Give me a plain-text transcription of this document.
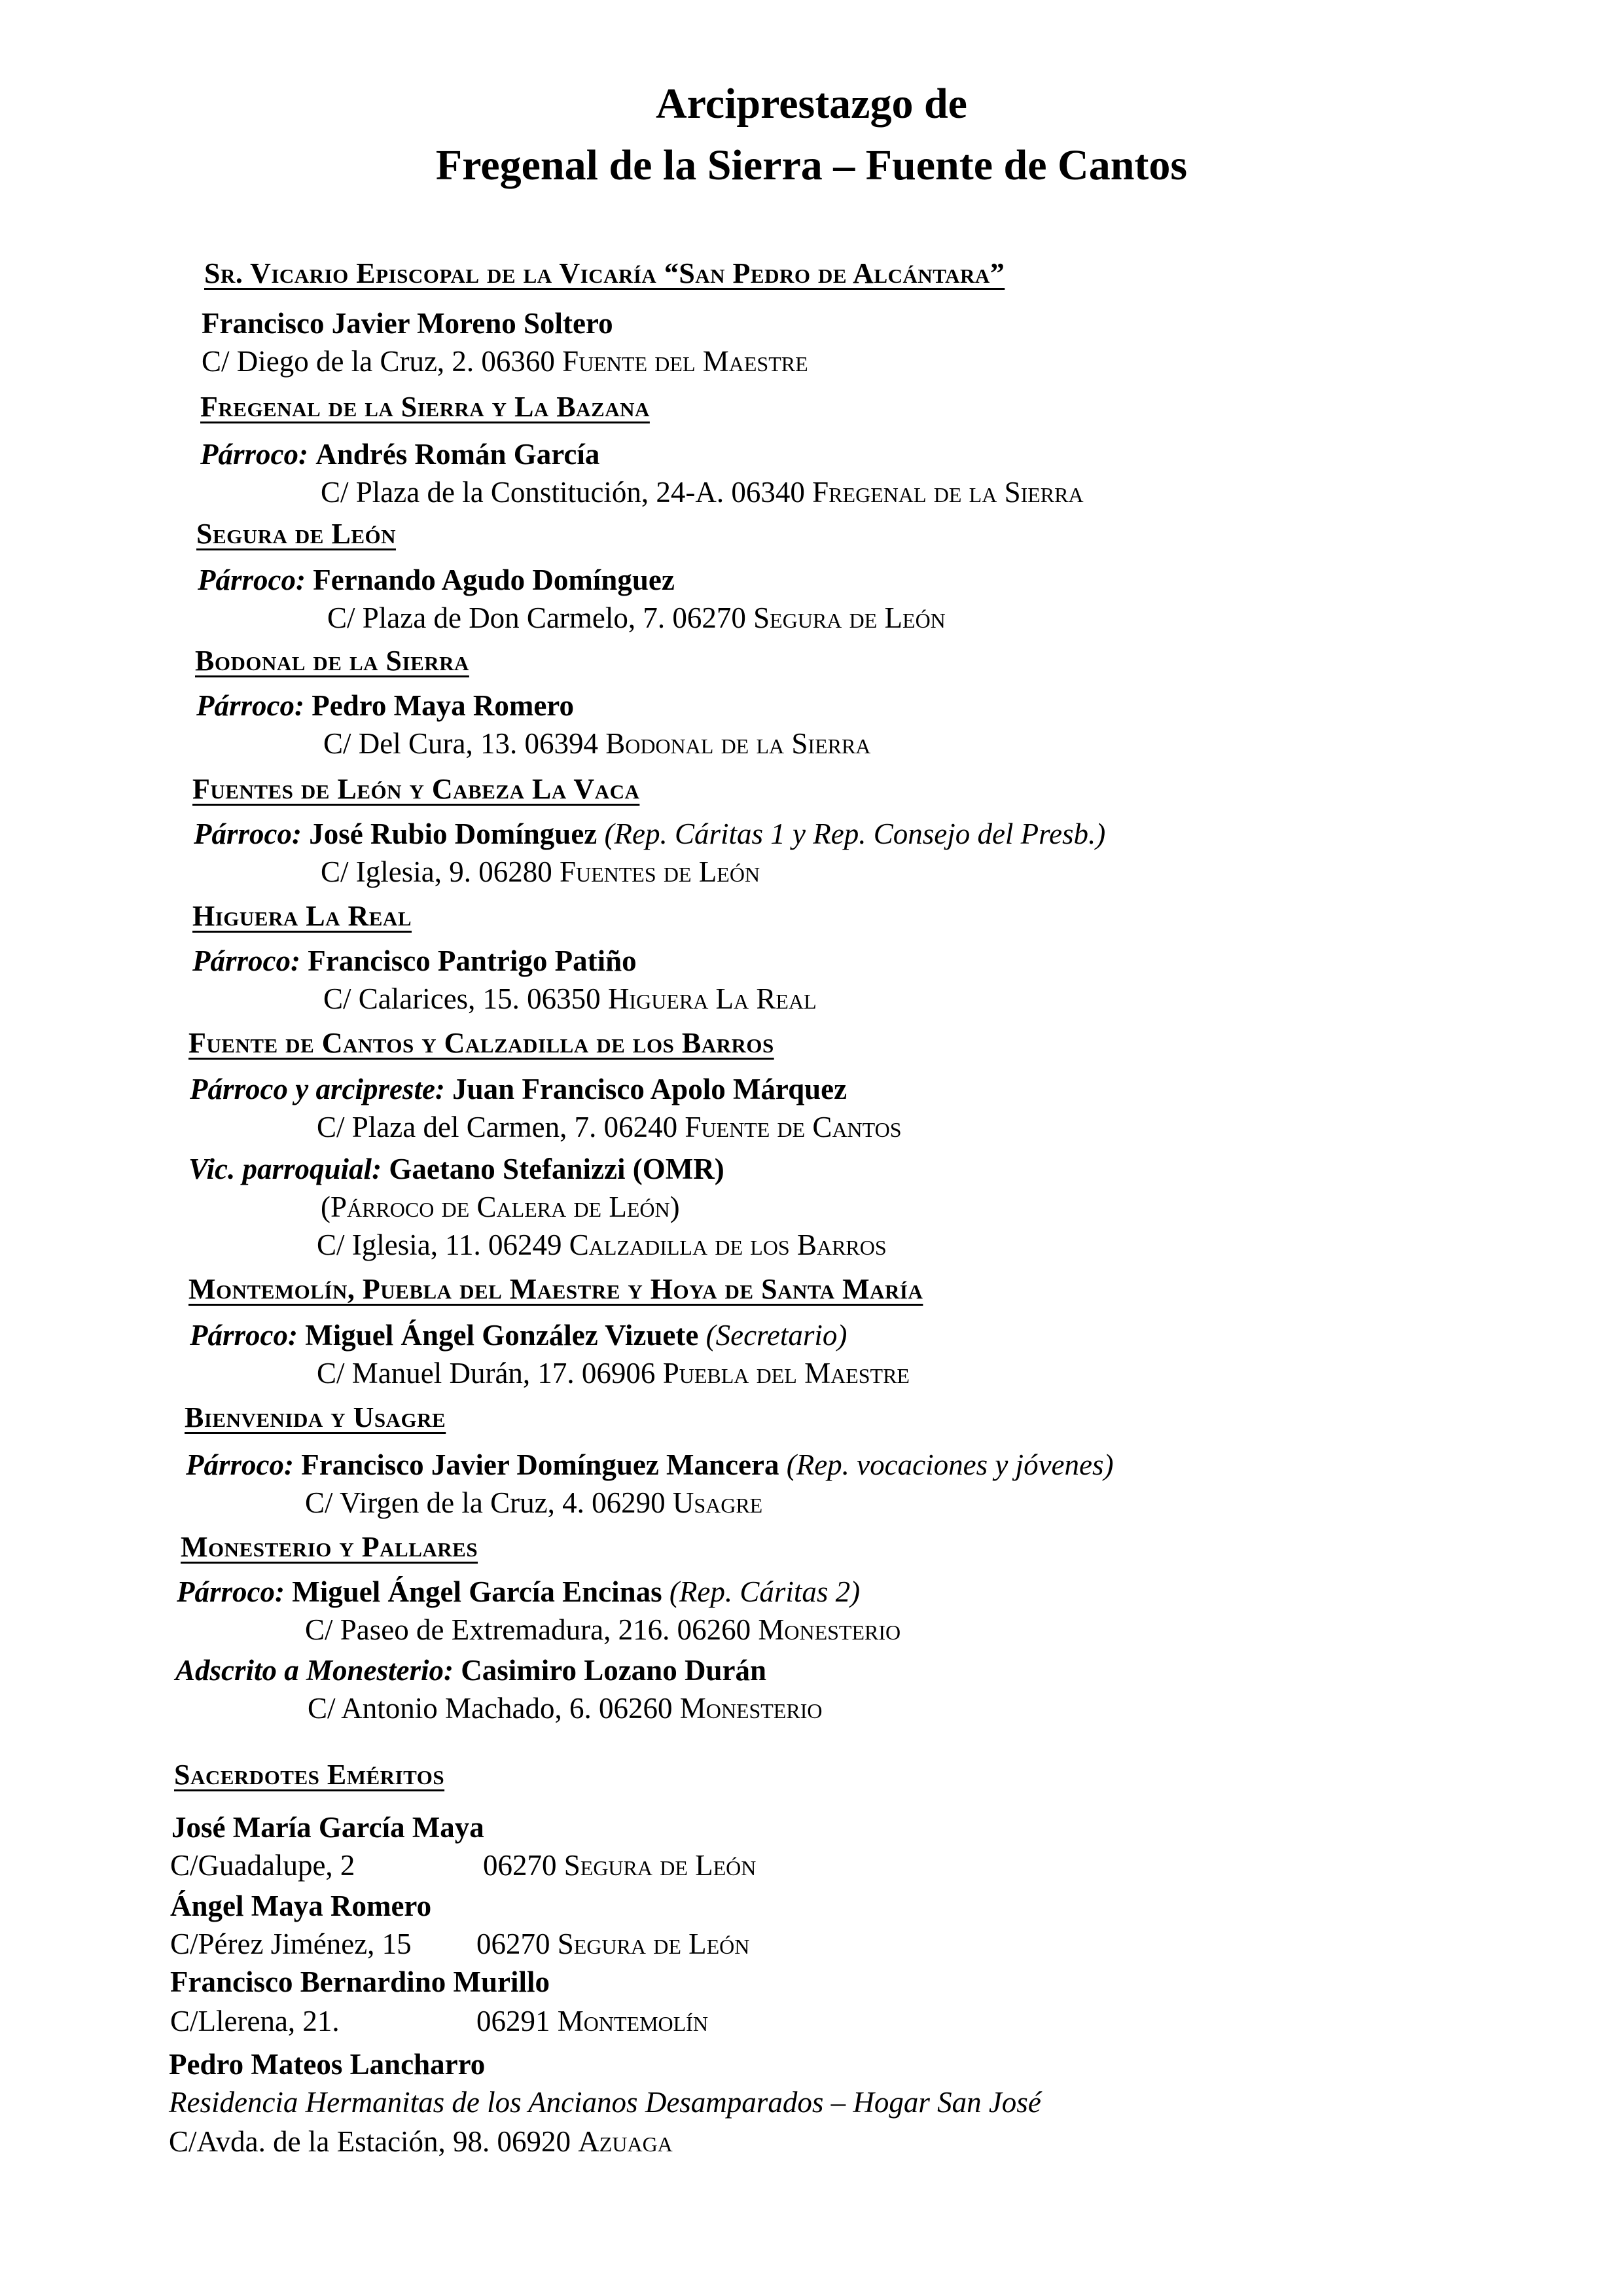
Arciprestazgo de
Fregenal de la Sierra – Fuente de Cantos
Sr. Vicario Episcopal de la Vicaría “San Pedro de Alcántara”
Francisco Javier Moreno Soltero
C/ Diego de la Cruz, 2. 06360 Fuente del Maestre
Fregenal de la Sierra y La Bazana
Párroco: Andrés Román García
C/ Plaza de la Constitución, 24-A. 06340 Fregenal de la Sierra
Segura de León
Párroco: Fernando Agudo Domínguez
C/ Plaza de Don Carmelo, 7. 06270 Segura de León
Bodonal de la Sierra
Párroco: Pedro Maya Romero
C/ Del Cura, 13. 06394 Bodonal de la Sierra
Fuentes de León y Cabeza La Vaca
Párroco: José Rubio Domínguez (Rep. Cáritas 1 y Rep. Consejo del Presb.)
C/ Iglesia, 9. 06280 Fuentes de León
Higuera La Real
Párroco: Francisco Pantrigo Patiño
C/ Calarices, 15. 06350 Higuera La Real
Fuente de Cantos y Calzadilla de los Barros
Párroco y arcipreste: Juan Francisco Apolo Márquez
C/ Plaza del Carmen, 7. 06240 Fuente de Cantos
Vic. parroquial: Gaetano Stefanizzi (OMR)
(Párroco de Calera de León)
C/ Iglesia, 11. 06249 Calzadilla de los Barros
Montemolín, Puebla del Maestre y Hoya de Santa María
Párroco: Miguel Ángel González Vizuete (Secretario)
C/ Manuel Durán, 17. 06906 Puebla del Maestre
Bienvenida y Usagre
Párroco: Francisco Javier Domínguez Mancera (Rep. vocaciones y jóvenes)
C/ Virgen de la Cruz, 4. 06290 Usagre
Monesterio y Pallares
Párroco: Miguel Ángel García Encinas (Rep. Cáritas 2)
C/ Paseo de Extremadura, 216. 06260 Monesterio
Adscrito a Monesterio: Casimiro Lozano Durán
C/ Antonio Machado, 6. 06260 Monesterio
Sacerdotes Eméritos
José María García Maya
C/Guadalupe, 2	06270 Segura de León
Ángel Maya Romero
C/Pérez Jiménez, 15 06270 Segura de León
Francisco Bernardino Murillo
C/Llerena, 21.	06291 Montemolín
Pedro Mateos Lancharro
Residencia Hermanitas de los Ancianos Desamparados – Hogar San José
C/Avda. de la Estación, 98. 06920 Azuaga
